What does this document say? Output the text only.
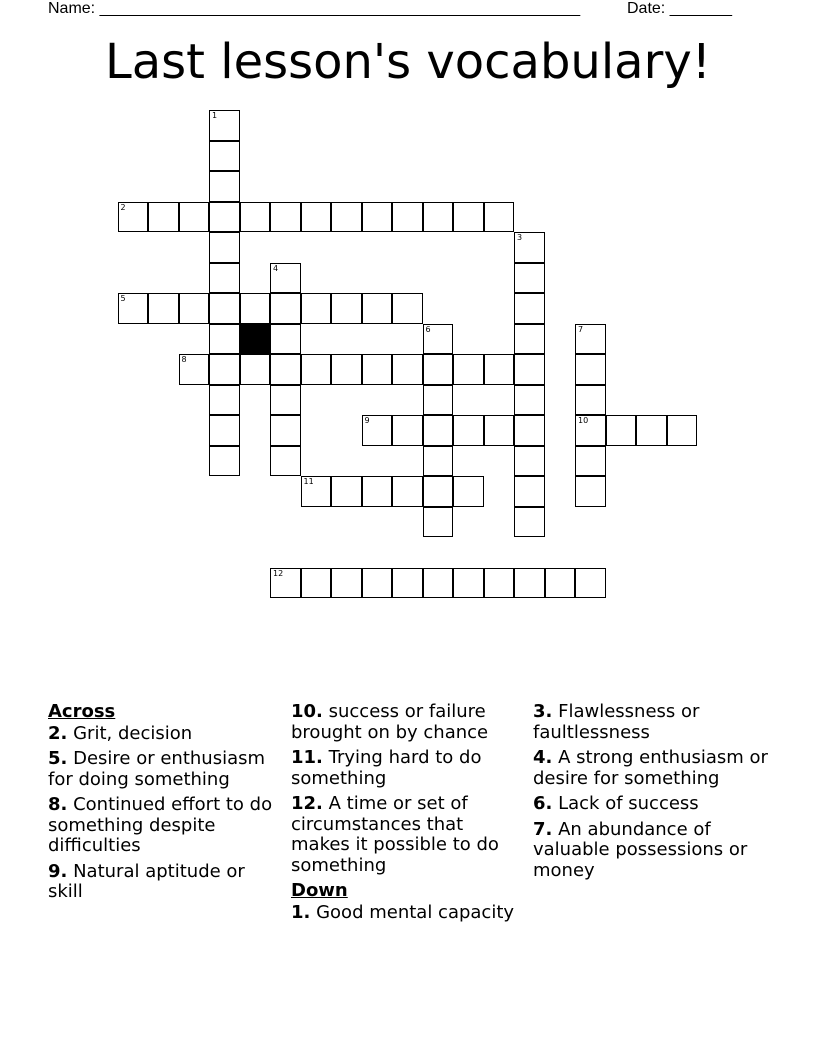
Name: ______________________________________________________	Date: _______
Last lesson's vocabulary!
1
2
3
4
5
6	7
10
8
9
11
12
Across
2. Grit, decision
5. Desire or enthusiasm for doing something
8. Continued effort to do something despite difficulties
9. Natural aptitude or skill
10. success or failure brought on by chance
11. Trying hard to do something
12. A time or set of circumstances that makes it possible to do something
Down
1. Good mental capacity
3. Flawlessness or faultlessness
4. A strong enthusiasm or desire for something
6. Lack of success
7. An abundance of valuable possessions or money
